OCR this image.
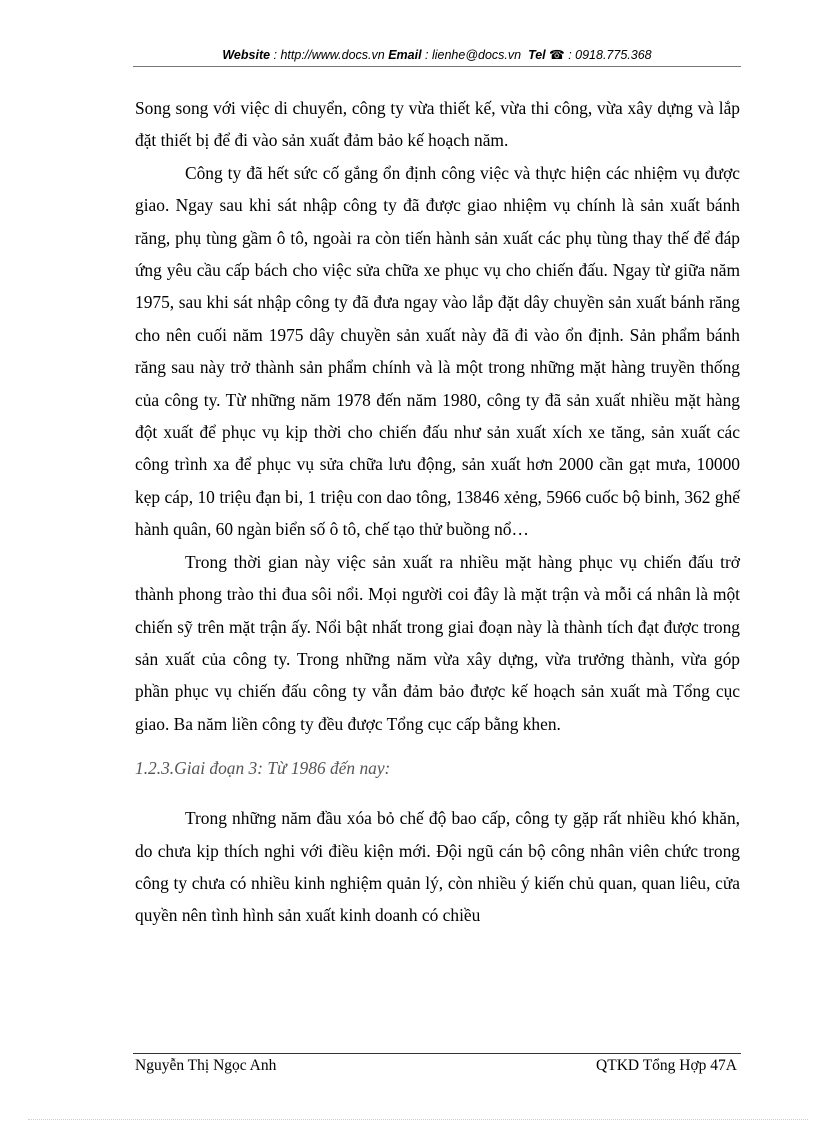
Website : http://www.docs.vn Email : lienhe@docs.vn Tel ☎ : 0918.775.368

Song song với việc di chuyển, công ty vừa thiết kế, vừa thi công, vừa xây dựng và lắp đặt thiết bị để đi vào sản xuất đảm bảo kế hoạch năm.

Công ty đã hết sức cố gắng ổn định công việc và thực hiện các nhiệm vụ được giao. Ngay sau khi sát nhập công ty đã được giao nhiệm vụ chính là sản xuất bánh răng, phụ tùng gầm ô tô, ngoài ra còn tiến hành sản xuất các phụ tùng thay thế để đáp ứng yêu cầu cấp bách cho việc sửa chữa xe phục vụ cho chiến đấu. Ngay từ giữa năm 1975, sau khi sát nhập công ty đã đưa ngay vào lắp đặt dây chuyền sản xuất bánh răng cho nên cuối năm 1975 dây chuyền sản xuất này đã đi vào ổn định. Sản phẩm bánh răng sau này trở thành sản phẩm chính và là một trong những mặt hàng truyền thống của công ty. Từ những năm 1978 đến năm 1980, công ty đã sản xuất nhiều mặt hàng đột xuất để phục vụ kịp thời cho chiến đấu như sản xuất xích xe tăng, sản xuất các công trình xa để phục vụ sửa chữa lưu động, sản xuất hơn 2000 cần gạt mưa, 10000 kẹp cáp, 10 triệu đạn bi, 1 triệu con dao tông, 13846 xẻng, 5966 cuốc bộ binh, 362 ghế hành quân, 60 ngàn biển số ô tô, chế tạo thử buồng nổ…

Trong thời gian này việc sản xuất ra nhiều mặt hàng phục vụ chiến đấu trở thành phong trào thi đua sôi nổi. Mọi người coi đây là mặt trận và mỗi cá nhân là một chiến sỹ trên mặt trận ấy. Nổi bật nhất trong giai đoạn này là thành tích đạt được trong sản xuất của công ty. Trong những năm vừa xây dựng, vừa trưởng thành, vừa góp phần phục vụ chiến đấu công ty vẫn đảm bảo được kế hoạch sản xuất mà Tổng cục giao. Ba năm liền công ty đều được Tổng cục cấp bằng khen.

1.2.3.Giai đoạn 3: Từ 1986 đến nay:

Trong những năm đầu xóa bỏ chế độ bao cấp, công ty gặp rất nhiều khó khăn, do chưa kịp thích nghi với điều kiện mới. Đội ngũ cán bộ công nhân viên chức trong công ty chưa có nhiều kinh nghiệm quản lý, còn nhiều ý kiến chủ quan, quan liêu, cửa quyền nên tình hình sản xuất kinh doanh có chiều

Nguyễn Thị Ngọc Anh	QTKD Tổng Hợp 47A
